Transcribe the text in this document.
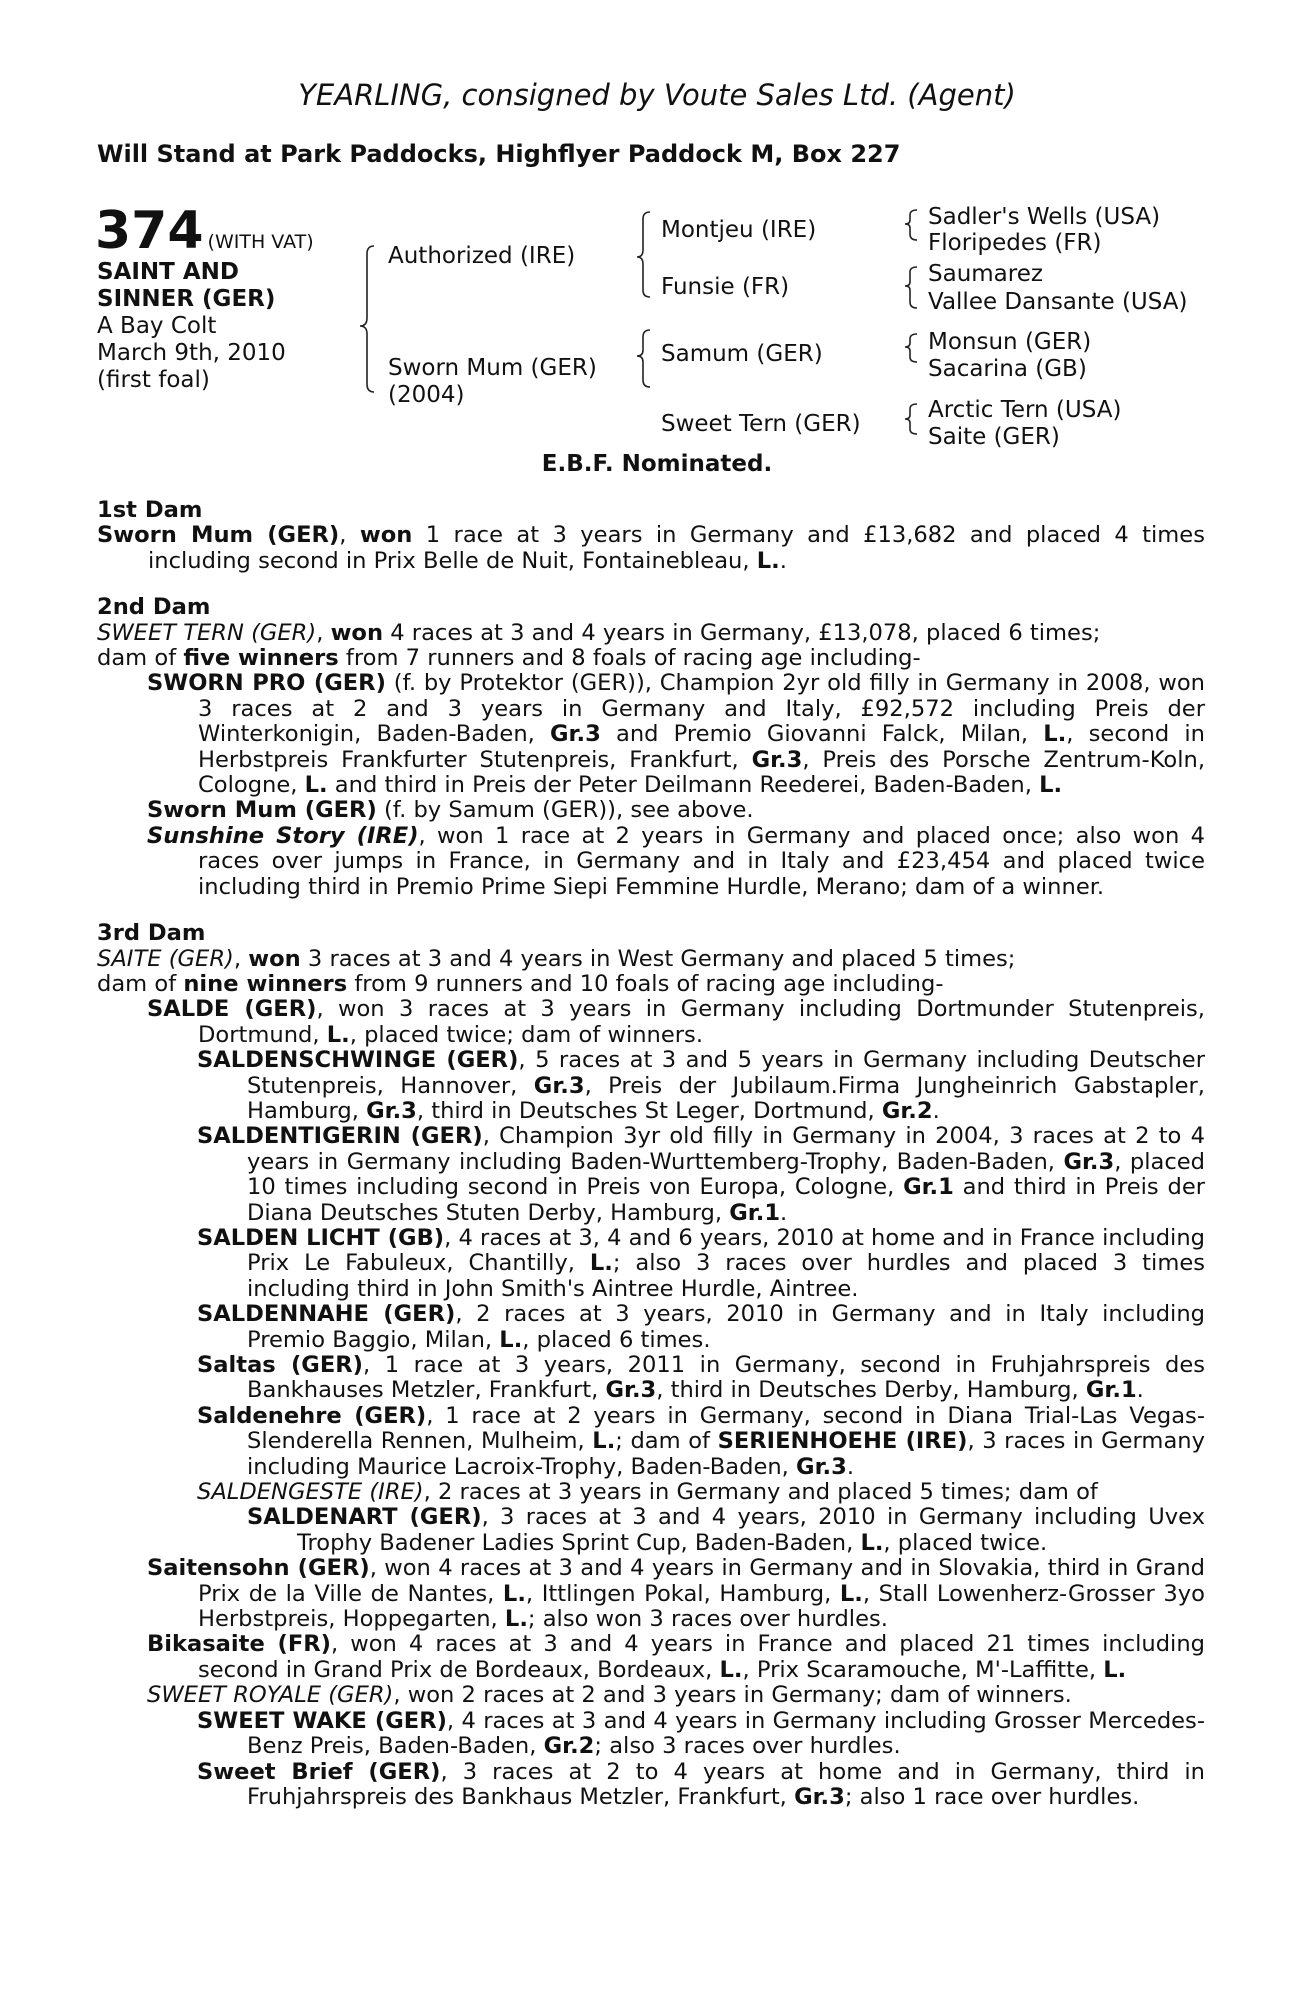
YEARLING, consigned by Voute Sales Ltd. (Agent)
Will Stand at Park Paddocks, Highflyer Paddock M, Box 227
374 (WITH VAT)
SAINT AND
SINNER (GER)
A Bay Colt
March 9th, 2010
(first foal)
Authorized (IRE)
Sworn Mum (GER)
(2004)
Montjeu (IRE)
Funsie (FR)
Samum (GER)
Sweet Tern (GER)
Sadler's Wells (USA)
Floripedes (FR)
Saumarez
Vallee Dansante (USA)
Monsun (GER)
Sacarina (GB)
Arctic Tern (USA)
Saite (GER)
E.B.F. Nominated.
1st Dam
Sworn Mum (GER), won 1 race at 3 years in Germany and £13,682 and placed 4 times including second in Prix Belle de Nuit, Fontainebleau, L..
2nd Dam
SWEET TERN (GER), won 4 races at 3 and 4 years in Germany, £13,078, placed 6 times;
dam of five winners from 7 runners and 8 foals of racing age including-
SWORN PRO (GER) (f. by Protektor (GER)), Champion 2yr old filly in Germany in 2008, won 3 races at 2 and 3 years in Germany and Italy, £92,572 including Preis der Winterkonigin, Baden-Baden, Gr.3 and Premio Giovanni Falck, Milan, L., second in Herbstpreis Frankfurter Stutenpreis, Frankfurt, Gr.3, Preis des Porsche Zentrum-Koln, Cologne, L. and third in Preis der Peter Deilmann Reederei, Baden-Baden, L.
Sworn Mum (GER) (f. by Samum (GER)), see above.
Sunshine Story (IRE), won 1 race at 2 years in Germany and placed once; also won 4 races over jumps in France, in Germany and in Italy and £23,454 and placed twice including third in Premio Prime Siepi Femmine Hurdle, Merano; dam of a winner.
3rd Dam
SAITE (GER), won 3 races at 3 and 4 years in West Germany and placed 5 times;
dam of nine winners from 9 runners and 10 foals of racing age including-
SALDE (GER), won 3 races at 3 years in Germany including Dortmunder Stutenpreis, Dortmund, L., placed twice; dam of winners.
SALDENSCHWINGE (GER), 5 races at 3 and 5 years in Germany including Deutscher Stutenpreis, Hannover, Gr.3, Preis der Jubilaum.Firma Jungheinrich Gabstapler, Hamburg, Gr.3, third in Deutsches St Leger, Dortmund, Gr.2.
SALDENTIGERIN (GER), Champion 3yr old filly in Germany in 2004, 3 races at 2 to 4 years in Germany including Baden-Wurttemberg-Trophy, Baden-Baden, Gr.3, placed 10 times including second in Preis von Europa, Cologne, Gr.1 and third in Preis der Diana Deutsches Stuten Derby, Hamburg, Gr.1.
SALDEN LICHT (GB), 4 races at 3, 4 and 6 years, 2010 at home and in France including Prix Le Fabuleux, Chantilly, L.; also 3 races over hurdles and placed 3 times including third in John Smith's Aintree Hurdle, Aintree.
SALDENNAHE (GER), 2 races at 3 years, 2010 in Germany and in Italy including Premio Baggio, Milan, L., placed 6 times.
Saltas (GER), 1 race at 3 years, 2011 in Germany, second in Fruhjahrspreis des Bankhauses Metzler, Frankfurt, Gr.3, third in Deutsches Derby, Hamburg, Gr.1.
Saldenehre (GER), 1 race at 2 years in Germany, second in Diana Trial-Las Vegas-Slenderella Rennen, Mulheim, L.; dam of SERIENHOEHE (IRE), 3 races in Germany including Maurice Lacroix-Trophy, Baden-Baden, Gr.3.
SALDENGESTE (IRE), 2 races at 3 years in Germany and placed 5 times; dam of
SALDENART (GER), 3 races at 3 and 4 years, 2010 in Germany including Uvex Trophy Badener Ladies Sprint Cup, Baden-Baden, L., placed twice.
Saitensohn (GER), won 4 races at 3 and 4 years in Germany and in Slovakia, third in Grand Prix de la Ville de Nantes, L., Ittlingen Pokal, Hamburg, L., Stall Lowenherz-Grosser 3yo Herbstpreis, Hoppegarten, L.; also won 3 races over hurdles.
Bikasaite (FR), won 4 races at 3 and 4 years in France and placed 21 times including second in Grand Prix de Bordeaux, Bordeaux, L., Prix Scaramouche, M'-Laffitte, L.
SWEET ROYALE (GER), won 2 races at 2 and 3 years in Germany; dam of winners.
SWEET WAKE (GER), 4 races at 3 and 4 years in Germany including Grosser Mercedes-Benz Preis, Baden-Baden, Gr.2; also 3 races over hurdles.
Sweet Brief (GER), 3 races at 2 to 4 years at home and in Germany, third in Fruhjahrspreis des Bankhaus Metzler, Frankfurt, Gr.3; also 1 race over hurdles.
